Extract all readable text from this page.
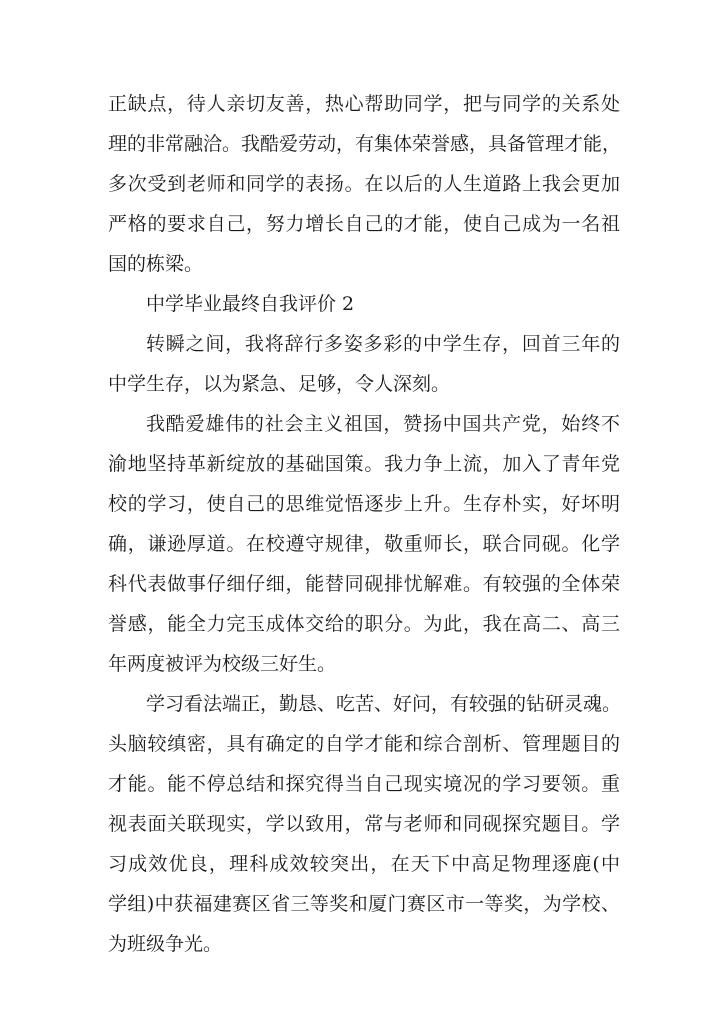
正缺点，待人亲切友善，热心帮助同学，把与同学的关系处
理的非常融洽。我酷爱劳动，有集体荣誉感，具备管理才能，
多次受到老师和同学的表扬。在以后的人生道路上我会更加
严格的要求自己，努力增长自己的才能，使自己成为一名祖
国的栋梁。
中学毕业最终自我评价 2
转瞬之间，我将辞行多姿多彩的中学生存，回首三年的
中学生存，以为紧急、足够，令人深刻。
我酷爱雄伟的社会主义祖国，赞扬中国共产党，始终不
渝地坚持革新绽放的基础国策。我力争上流，加入了青年党
校的学习，使自己的思维觉悟逐步上升。生存朴实，好坏明
确，谦逊厚道。在校遵守规律，敬重师长，联合同砚。化学
科代表做事仔细仔细，能替同砚排忧解难。有较强的全体荣
誉感，能全力完玉成体交给的职分。为此，我在高二、高三
年两度被评为校级三好生。
学习看法端正，勤恳、吃苦、好问，有较强的钻研灵魂。
头脑较缜密，具有确定的自学才能和综合剖析、管理题目的
才能。能不停总结和探究得当自己现实境况的学习要领。重
视表面关联现实，学以致用，常与老师和同砚探究题目。学
习成效优良，理科成效较突出，在天下中高足物理逐鹿(中
学组)中获福建赛区省三等奖和厦门赛区市一等奖，为学校、
为班级争光。
